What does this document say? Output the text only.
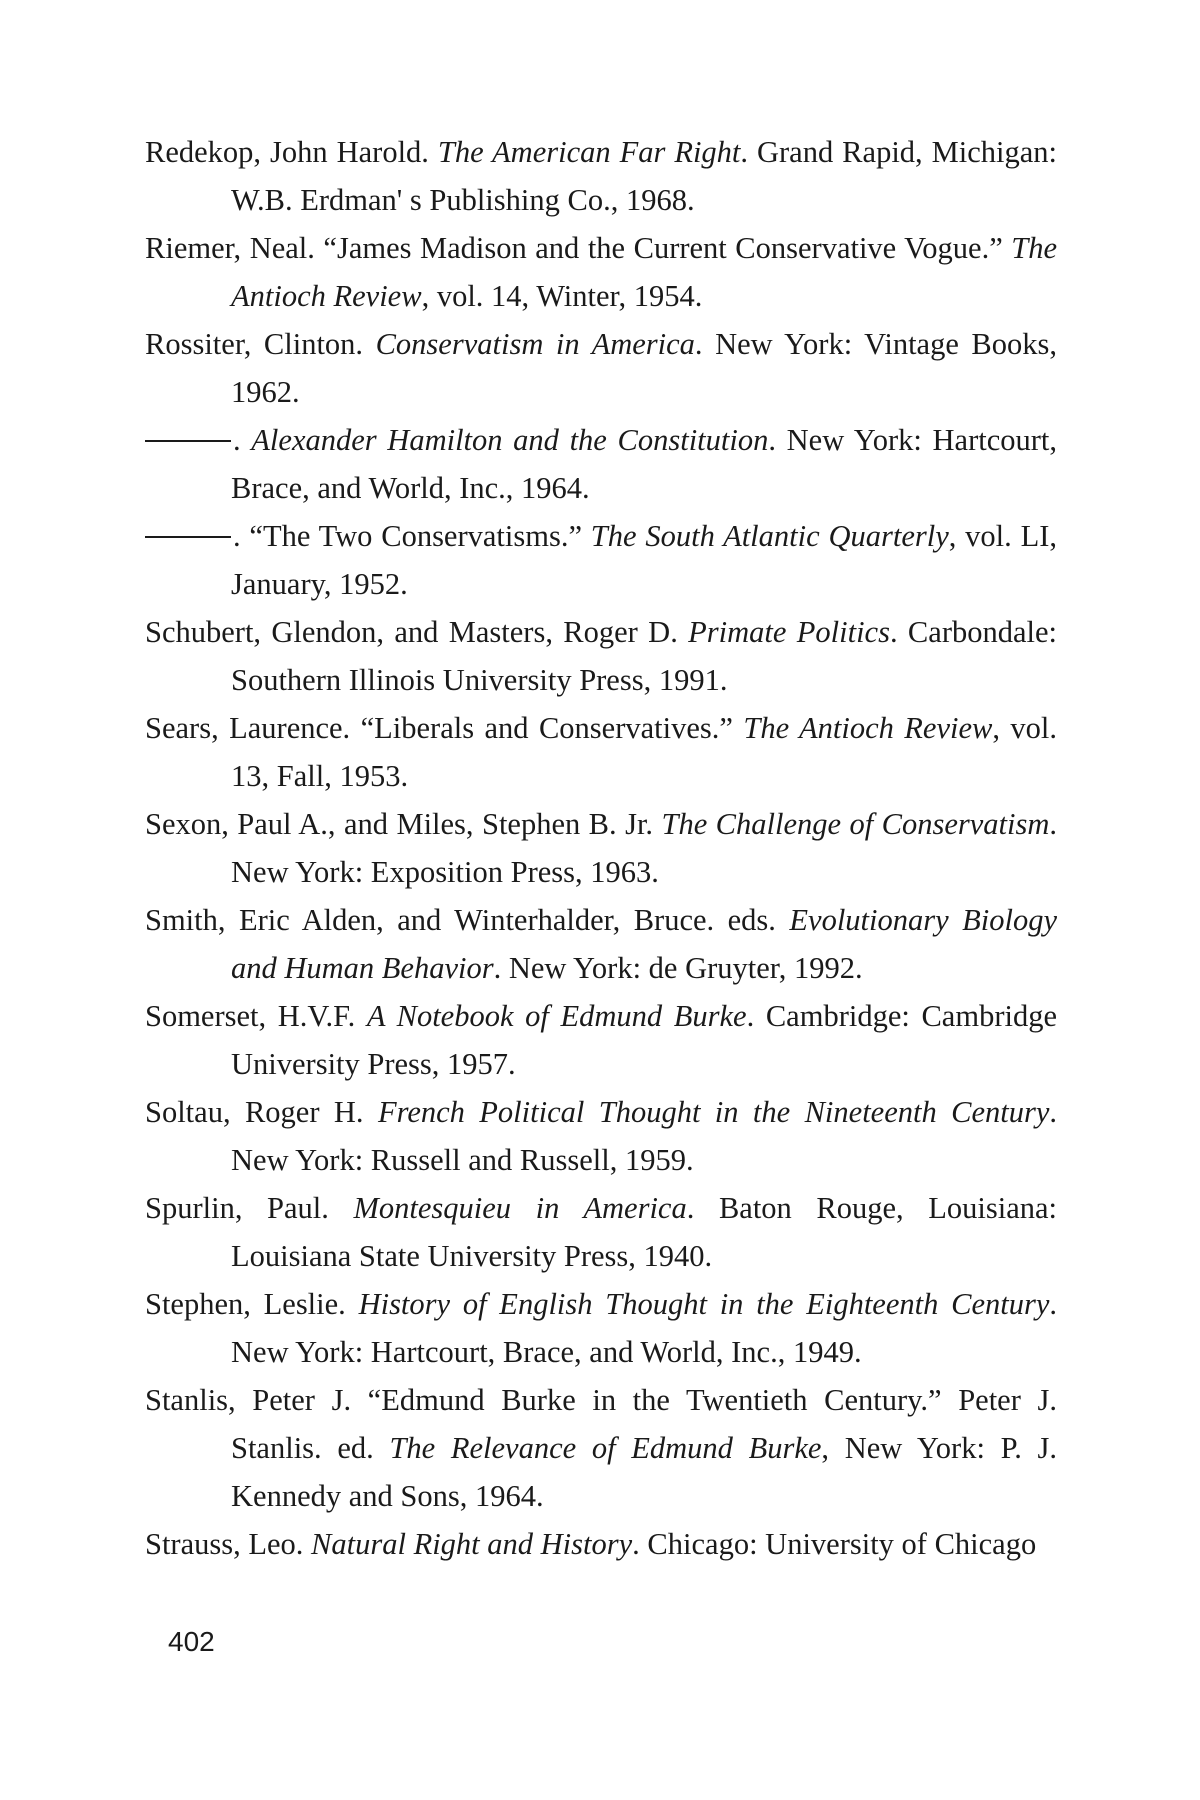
Redekop, John Harold. The American Far Right. Grand Rapid, Michigan: W.B. Erdman' s Publishing Co., 1968.
Riemer, Neal. “James Madison and the Current Conservative Vogue.” The Antioch Review, vol. 14, Winter, 1954.
Rossiter, Clinton. Conservatism in America. New York: Vintage Books, 1962.
. Alexander Hamilton and the Constitution. New York: Hartcourt, Brace, and World, Inc., 1964.
. “The Two Conservatisms.” The South Atlantic Quarterly, vol. LI, January, 1952.
Schubert, Glendon, and Masters, Roger D. Primate Politics. Carbondale: Southern Illinois University Press, 1991.
Sears, Laurence. “Liberals and Conservatives.” The Antioch Review, vol. 13, Fall, 1953.
Sexon, Paul A., and Miles, Stephen B. Jr. The Challenge of Conservatism. New York: Exposition Press, 1963.
Smith, Eric Alden, and Winterhalder, Bruce. eds. Evolutionary Biology and Human Behavior. New York: de Gruyter, 1992.
Somerset, H.V.F. A Notebook of Edmund Burke. Cambridge: Cambridge University Press, 1957.
Soltau, Roger H. French Political Thought in the Nineteenth Century. New York: Russell and Russell, 1959.
Spurlin, Paul. Montesquieu in America. Baton Rouge, Louisiana: Louisiana State University Press, 1940.
Stephen, Leslie. History of English Thought in the Eighteenth Century. New York: Hartcourt, Brace, and World, Inc., 1949.
Stanlis, Peter J. “Edmund Burke in the Twentieth Century.” Peter J. Stanlis. ed. The Relevance of Edmund Burke, New York: P. J. Kennedy and Sons, 1964.
Strauss, Leo. Natural Right and History. Chicago: University of Chicago
402
